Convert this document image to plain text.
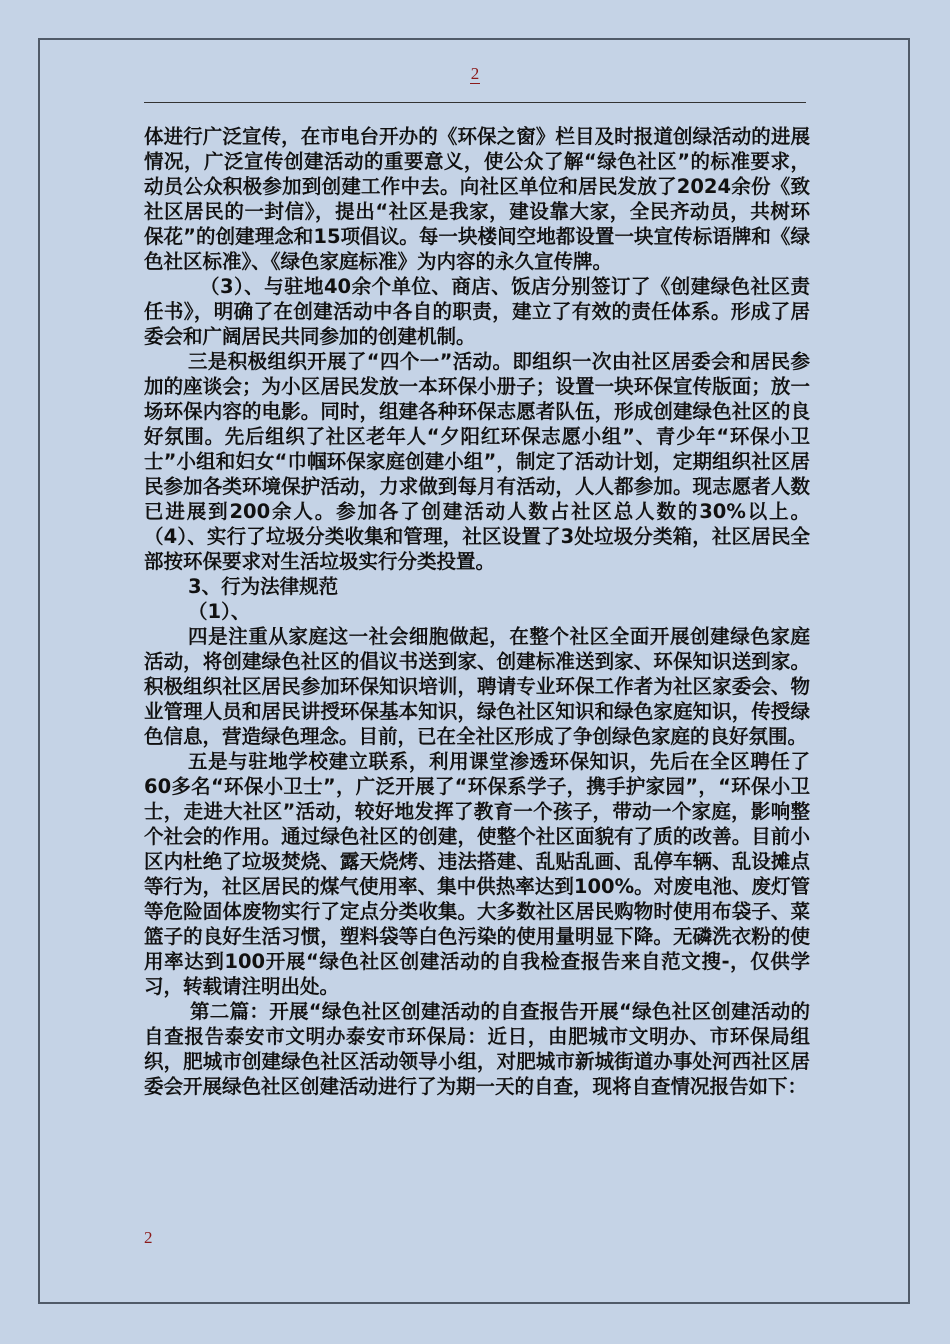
2

体进行广泛宣传，在市电台开办的《环保之窗》栏目及时报道创绿活动的进展情况，广泛宣传创建活动的重要意义，使公众了解“绿色社区”的标准要求，动员公众积极参加到创建工作中去。向社区单位和居民发放了2024余份《致社区居民的一封信》，提出“社区是我家，建设靠大家，全民齐动员，共树环保花”的创建理念和15项倡议。每一块楼间空地都设置一块宣传标语牌和《绿色社区标准》、《绿色家庭标准》为内容的永久宣传牌。

（3）、与驻地40余个单位、商店、饭店分别签订了《创建绿色社区责任书》，明确了在创建活动中各自的职责，建立了有效的责任体系。形成了居委会和广阔居民共同参加的创建机制。

三是积极组织开展了“四个一”活动。即组织一次由社区居委会和居民参加的座谈会；为小区居民发放一本环保小册子；设置一块环保宣传版面；放一场环保内容的电影。同时，组建各种环保志愿者队伍，形成创建绿色社区的良好氛围。先后组织了社区老年人“夕阳红环保志愿小组”、青少年“环保小卫士”小组和妇女“巾帼环保家庭创建小组”，制定了活动计划，定期组织社区居民参加各类环境保护活动，力求做到每月有活动，人人都参加。现志愿者人数已进展到200余人。参加各了创建活动人数占社区总人数的30%以上。 （4）、实行了垃圾分类收集和管理，社区设置了3处垃圾分类箱，社区居民全部按环保要求对生活垃圾实行分类投置。

3、行为法律规范

（1）、

四是注重从家庭这一社会细胞做起，在整个社区全面开展创建绿色家庭活动，将创建绿色社区的倡议书送到家、创建标准送到家、环保知识送到家。积极组织社区居民参加环保知识培训，聘请专业环保工作者为社区家委会、物业管理人员和居民讲授环保基本知识，绿色社区知识和绿色家庭知识，传授绿色信息，营造绿色理念。目前，已在全社区形成了争创绿色家庭的良好氛围。

五是与驻地学校建立联系，利用课堂渗透环保知识，先后在全区聘任了60多名“环保小卫士”，广泛开展了“环保系学子，携手护家园”，“环保小卫士，走进大社区”活动，较好地发挥了教育一个孩子，带动一个家庭，影响整个社会的作用。通过绿色社区的创建，使整个社区面貌有了质的改善。目前小区内杜绝了垃圾焚烧、露天烧烤、违法搭建、乱贴乱画、乱停车辆、乱设摊点等行为，社区居民的煤气使用率、集中供热率达到100%。对废电池、废灯管等危险固体废物实行了定点分类收集。大多数社区居民购物时使用布袋子、菜篮子的良好生活习惯，塑料袋等白色污染的使用量明显下降。无磷洗衣粉的使用率达到100开展“绿色社区创建活动的自我检查报告来自范文搜-，仅供学习，转载请注明出处。

第二篇：开展“绿色社区创建活动的自查报告开展“绿色社区创建活动的自查报告泰安市文明办泰安市环保局：近日，由肥城市文明办、市环保局组织，肥城市创建绿色社区活动领导小组，对肥城市新城街道办事处河西社区居委会开展绿色社区创建活动进行了为期一天的自查，现将自查情况报告如下：

2
